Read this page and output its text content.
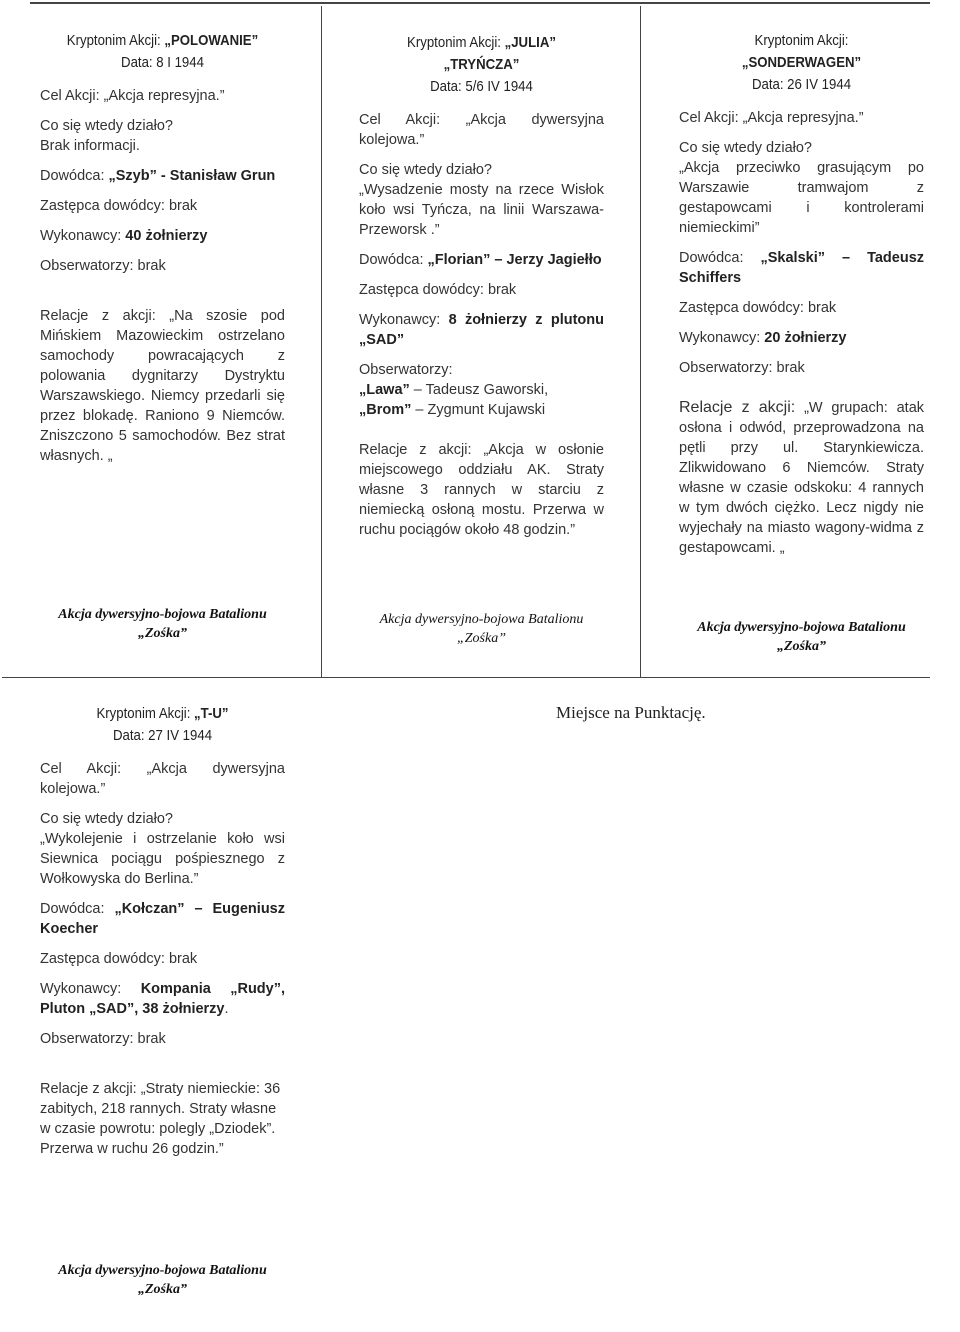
Kryptonim Akcji: „POLOWANIE”
Data: 8 I 1944

Cel Akcji: „Akcja represyjna.”

Co się wtedy działo?

Brak informacji.

Dowódca: „Szyb” - Stanisław Grun

Zastępca dowódcy: brak

Wykonawcy: 40 żołnierzy

Obserwatorzy: brak

Relacje z akcji: „Na szosie pod Mińskiem Mazowieckim ostrzelano samochody powracających z polowania dygnitarzy Dystryktu Warszawskiego. Niemcy przedarli się przez blokadę. Raniono 9 Niemców. Zniszczono 5 samochodów. Bez strat własnych. „

Akcja dywersyjno-bojowa Batalionu
„Zośka”
Kryptonim Akcji: „JULIA” „TRYŃCZA”
Data: 5/6 IV 1944

Cel Akcji: „Akcja dywersyjna kolejowa.”

Co się wtedy działo?

„Wysadzenie mosty na rzece Wisłok koło wsi Tyńcza, na linii Warszawa-Przeworsk .”

Dowódca: „Florian” – Jerzy Jagiełło

Zastępca dowódcy: brak

Wykonawcy: 8 żołnierzy z plutonu „SAD”

Obserwatorzy:

„Lawa” – Tadeusz Gaworski,

„Brom” – Zygmunt Kujawski

Relacje z akcji: „Akcja w osłonie miejscowego oddziału AK. Straty własne 3 rannych w starciu z niemiecką osłoną mostu. Przerwa w ruchu pociągów około 48 godzin.”

Akcja dywersyjno-bojowa Batalionu
„Zośka”
Kryptonim Akcji: „SONDERWAGEN”
Data: 26 IV 1944

Cel Akcji: „Akcja represyjna.”

Co się wtedy działo?

„Akcja przeciwko grasującym po Warszawie tramwajom z gestapowcami i kontrolerami niemieckimi”

Dowódca: „Skalski” – Tadeusz Schiffers

Zastępca dowódcy: brak

Wykonawcy: 20 żołnierzy

Obserwatorzy: brak

Relacje z akcji: „W grupach: atak osłona i odwód, przeprowadzona na pętli przy ul. Starynkiewicza. Zlikwidowano 6 Niemców. Straty własne w czasie odskoku: 4 rannych w tym dwóch ciężko. Lecz nigdy nie wyjechały na miasto wagony-widma z gestapowcami. „

Akcja dywersyjno-bojowa Batalionu
„Zośka”
Kryptonim Akcji: „T-U”
Data: 27 IV 1944

Cel Akcji: „Akcja dywersyjna kolejowa.”

Co się wtedy działo?

„Wykolejenie i ostrzelanie koło wsi Siewnica pociągu pośpiesznego z Wołkowyska do Berlina.”

Dowódca: „Kołczan” – Eugeniusz Koecher

Zastępca dowódcy: brak

Wykonawcy: Kompania „Rudy”, Pluton „SAD”, 38 żołnierzy.

Obserwatorzy: brak

Relacje z akcji: „Straty niemieckie: 36 zabitych, 218 rannych. Straty własne w czasie powrotu: polegly „Dziodek”. Przerwa w ruchu 26 godzin.”

Akcja dywersyjno-bojowa Batalionu
„Zośka”
Miejsce na Punktację.
